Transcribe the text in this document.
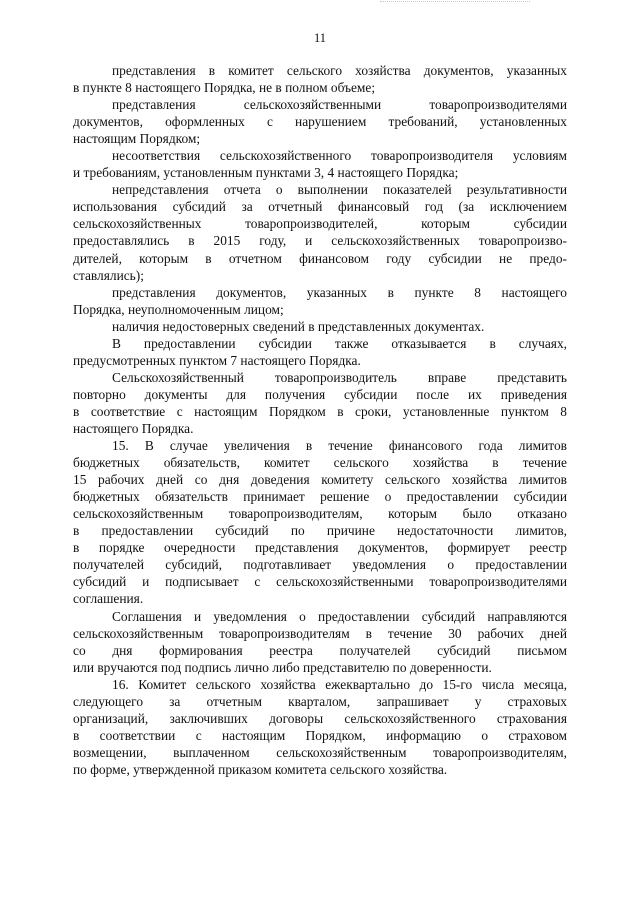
11
представления в комитет сельского хозяйства документов, указанных
в пункте 8 настоящего Порядка, не в полном объеме;
представления сельскохозяйственными товаропроизводителями
документов, оформленных с нарушением требований, установленных
настоящим Порядком;
несоответствия сельскохозяйственного товаропроизводителя условиям
и требованиям, установленным пунктами 3, 4 настоящего Порядка;
непредставления отчета о выполнении показателей результативности
использования субсидий за отчетный финансовый год (за исключением
сельскохозяйственных товаропроизводителей, которым субсидии
предоставлялись в 2015 году, и сельскохозяйственных товаропроизво-
дителей, которым в отчетном финансовом году субсидии не предо-
ставлялись);
представления документов, указанных в пункте 8 настоящего
Порядка, неуполномоченным лицом;
наличия недостоверных сведений в представленных документах.
В предоставлении субсидии также отказывается в случаях,
предусмотренных пунктом 7 настоящего Порядка.
Сельскохозяйственный товаропроизводитель вправе представить
повторно документы для получения субсидии после их приведения
в соответствие с настоящим Порядком в сроки, установленные пунктом 8
настоящего Порядка.
15. В случае увеличения в течение финансового года лимитов
бюджетных обязательств, комитет сельского хозяйства в течение
15 рабочих дней со дня доведения комитету сельского хозяйства лимитов
бюджетных обязательств принимает решение о предоставлении субсидии
сельскохозяйственным товаропроизводителям, которым было отказано
в предоставлении субсидий по причине недостаточности лимитов,
в порядке очередности представления документов, формирует реестр
получателей субсидий, подготавливает уведомления о предоставлении
субсидий и подписывает с сельскохозяйственными товаропроизводителями
соглашения.
Соглашения и уведомления о предоставлении субсидий направляются
сельскохозяйственным товаропроизводителям в течение 30 рабочих дней
со дня формирования реестра получателей субсидий письмом
или вручаются под подпись лично либо представителю по доверенности.
16. Комитет сельского хозяйства ежеквартально до 15-го числа месяца,
следующего за отчетным кварталом, запрашивает у страховых
организаций, заключивших договоры сельскохозяйственного страхования
в соответствии с настоящим Порядком, информацию о страховом
возмещении, выплаченном сельскохозяйственным товаропроизводителям,
по форме, утвержденной приказом комитета сельского хозяйства.
